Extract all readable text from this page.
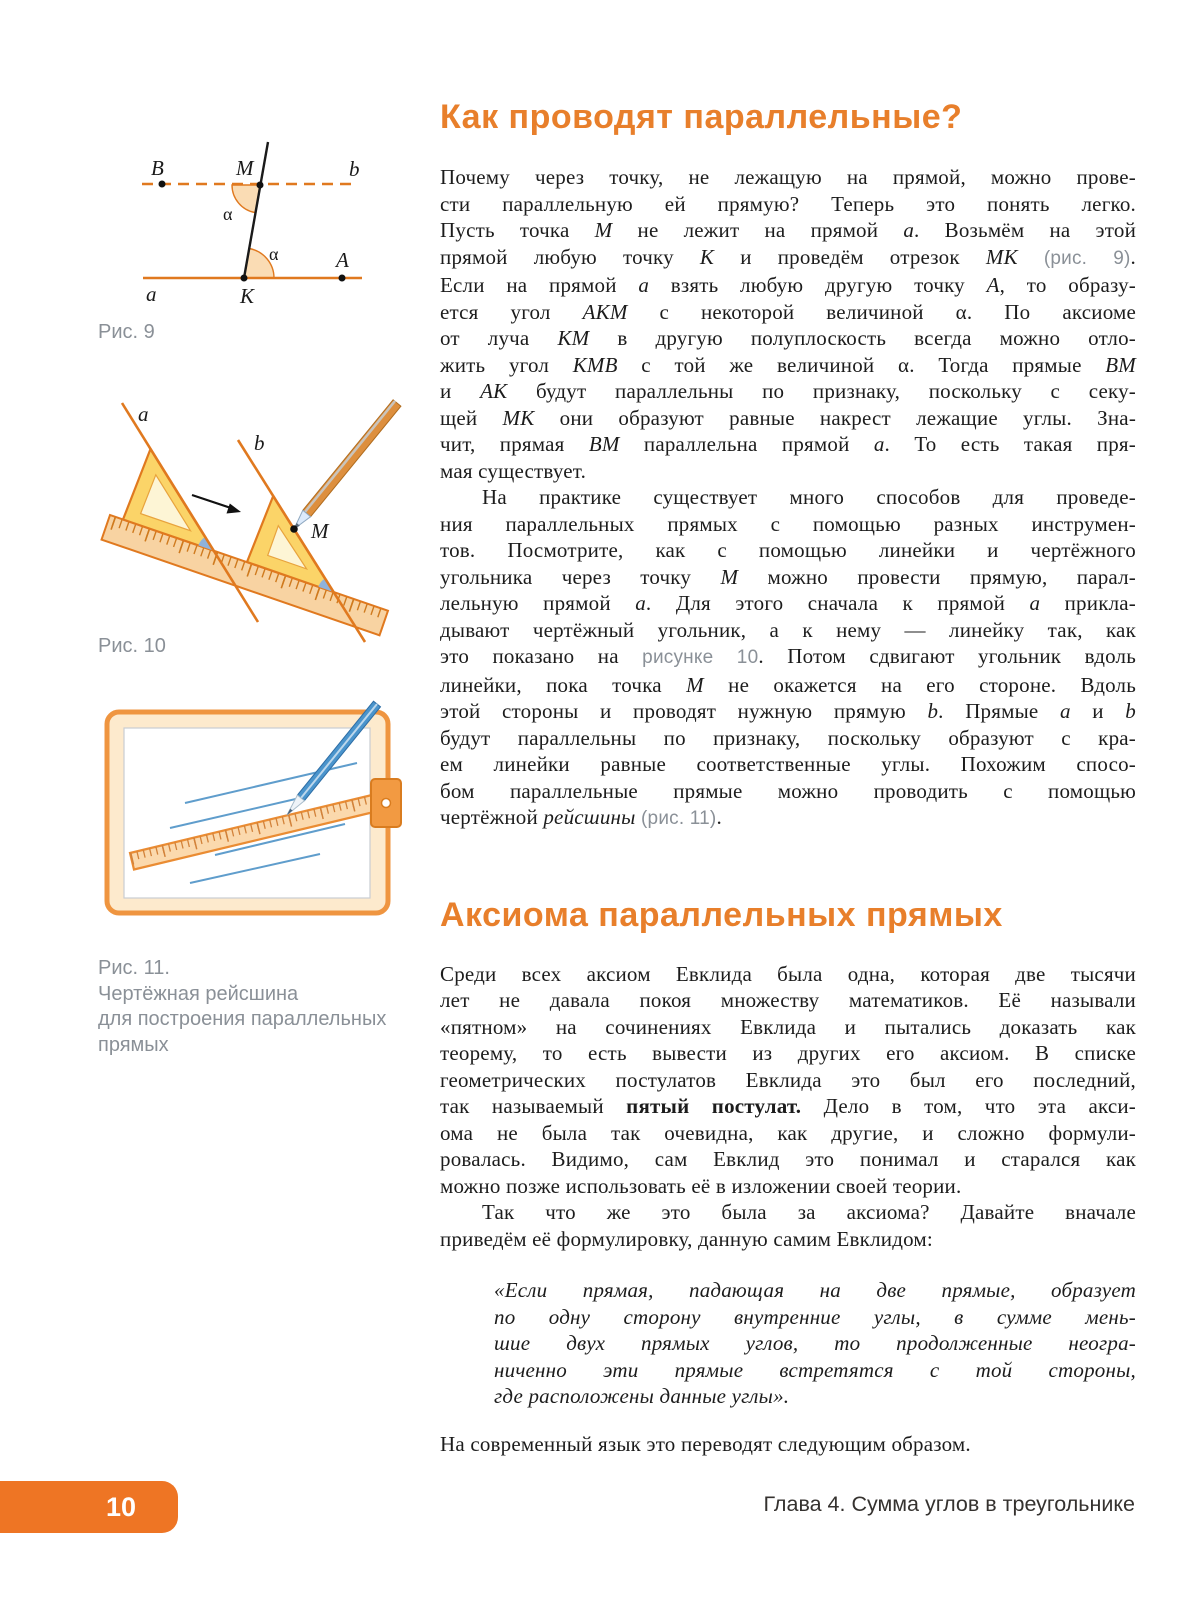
B	M	b
A
a	K
α
α
Рис. 9
a
b
M
Рис. 10
Рис. 11.
Чертёжная рейсшина
для построения параллельных
прямых
Как проводят параллельные?
Почему через точку, не лежащую на прямой, можно прове-
сти параллельную ей прямую? Теперь это понять легко.
Пусть точка M не лежит на прямой a. Возьмём на этой
прямой любую точку K и проведём отрезок MK (рис. 9).
Если на прямой a взять любую другую точку A, то образу-
ется угол AKM с некоторой величиной α. По аксиоме
от луча KM в другую полуплоскость всегда можно отло-
жить угол KMB с той же величиной α. Тогда прямые BM
и AK будут параллельны по признаку, поскольку с секу-
щей MK они образуют равные накрест лежащие углы. Зна-
чит, прямая BM параллельна прямой a. То есть такая пря-
мая существует.
На практике существует много способов для проведе-
ния параллельных прямых с помощью разных инструмен-
тов. Посмотрите, как с помощью линейки и чертёжного
угольника через точку M можно провести прямую, парал-
лельную прямой a. Для этого сначала к прямой a прикла-
дывают чертёжный угольник, а к нему — линейку так, как
это показано на рисунке 10. Потом сдвигают угольник вдоль
линейки, пока точка M не окажется на его стороне. Вдоль
этой стороны и проводят нужную прямую b. Прямые a и b
будут параллельны по признаку, поскольку образуют с кра-
ем линейки равные соответственные углы. Похожим спосо-
бом параллельные прямые можно проводить с помощью
чертёжной рейсшины (рис. 11).
Аксиома параллельных прямых
Среди всех аксиом Евклида была одна, которая две тысячи
лет не давала покоя множеству математиков. Её называли
«пятном» на сочинениях Евклида и пытались доказать как
теорему, то есть вывести из других его аксиом. В списке
геометрических постулатов Евклида это был его последний,
так называемый пятый постулат. Дело в том, что эта акси-
ома не была так очевидна, как другие, и сложно формули-
ровалась. Видимо, сам Евклид это понимал и старался как
можно позже использовать её в изложении своей теории.
Так что же это была за аксиома? Давайте вначале
приведём её формулировку, данную самим Евклидом:
«Если прямая, падающая на две прямые, образует
по одну сторону внутренние углы, в сумме мень-
шие двух прямых углов, то продолженные неогра-
ниченно эти прямые встретятся с той стороны,
где расположены данные углы».
На современный язык это переводят следующим образом.
10	Глава 4. Сумма углов в треугольнике
